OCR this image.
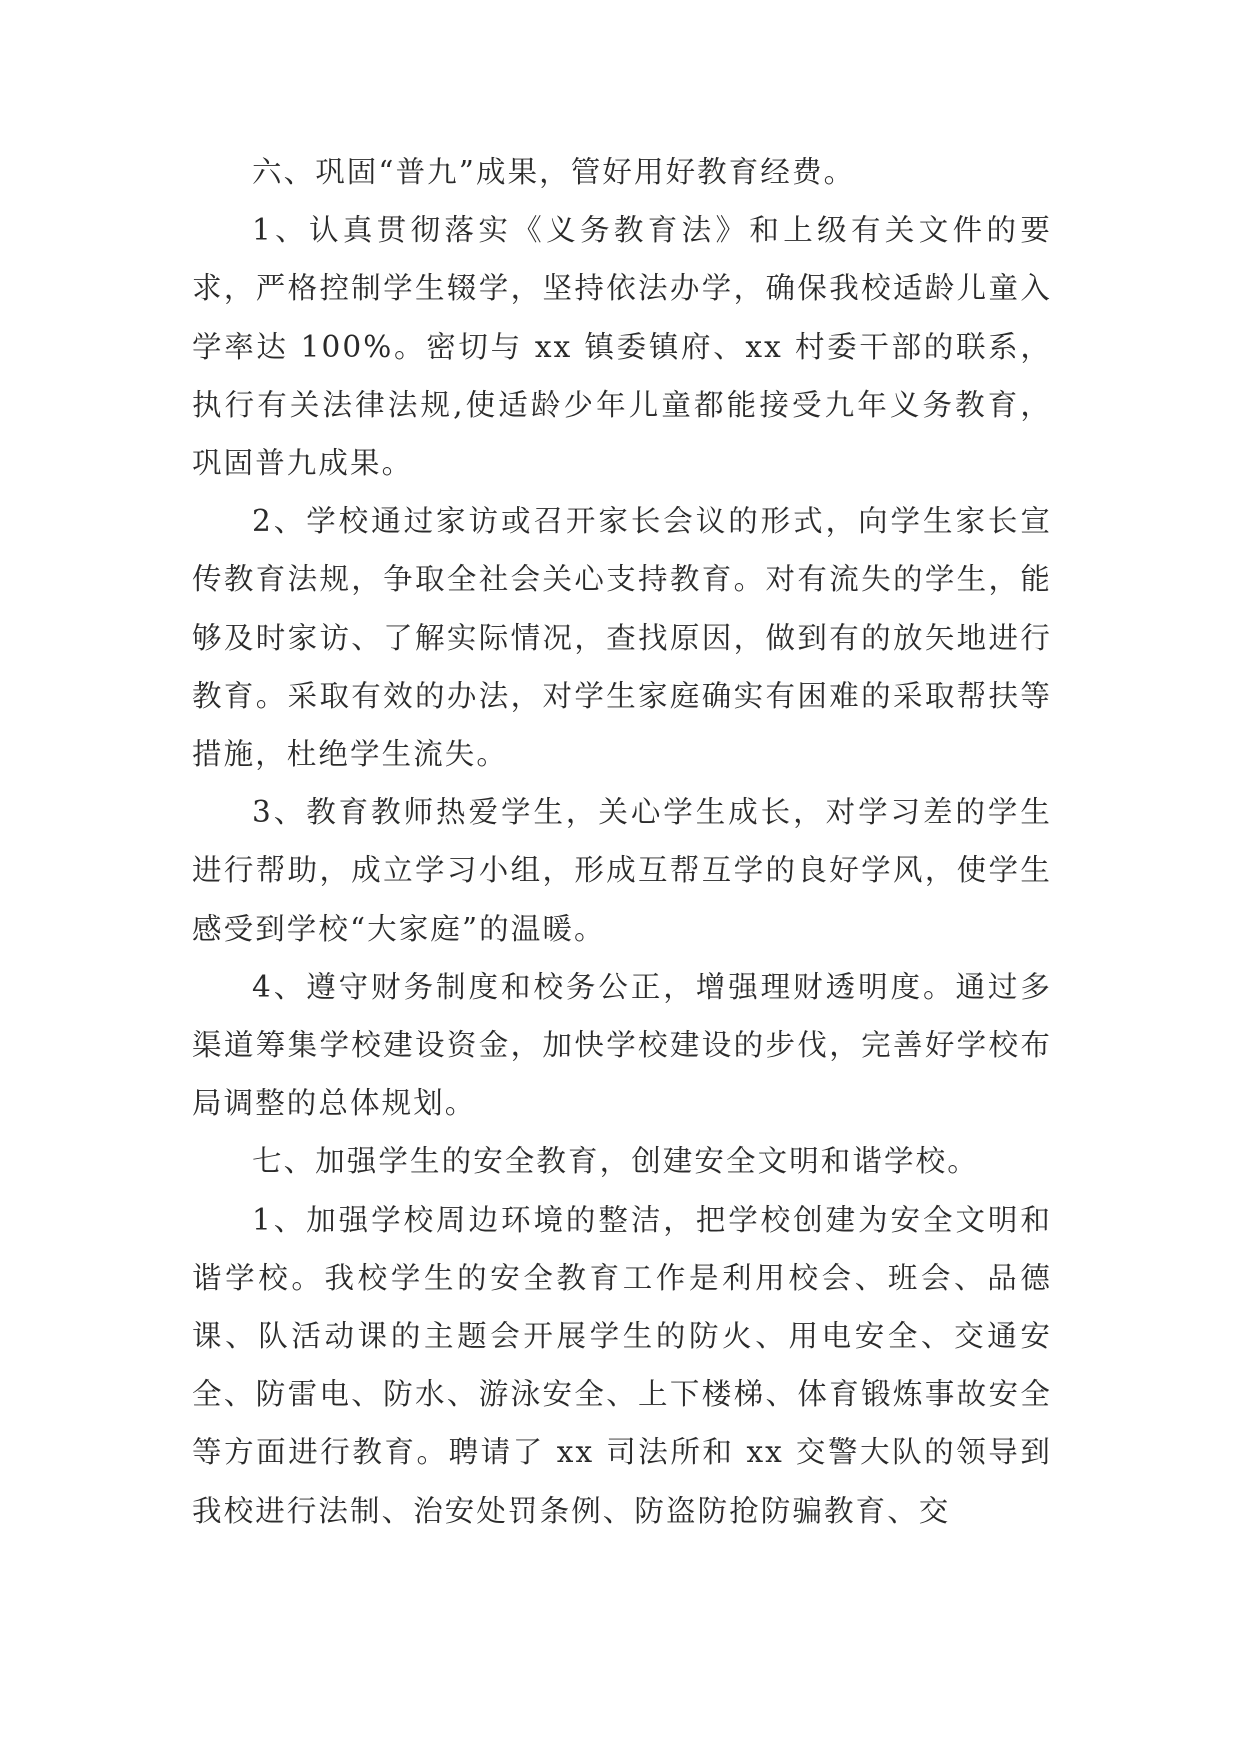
六、巩固“普九”成果，管好用好教育经费。

1、认真贯彻落实《义务教育法》和上级有关文件的要求，严格控制学生辍学，坚持依法办学，确保我校适龄儿童入学率达 100%。密切与 xx 镇委镇府、xx 村委干部的联系，执行有关法律法规,使适龄少年儿童都能接受九年义务教育，巩固普九成果。

2、学校通过家访或召开家长会议的形式，向学生家长宣传教育法规，争取全社会关心支持教育。对有流失的学生，能够及时家访、了解实际情况，查找原因，做到有的放矢地进行教育。采取有效的办法，对学生家庭确实有困难的采取帮扶等措施，杜绝学生流失。

3、教育教师热爱学生，关心学生成长，对学习差的学生进行帮助，成立学习小组，形成互帮互学的良好学风，使学生感受到学校“大家庭”的温暖。

4、遵守财务制度和校务公正，增强理财透明度。通过多渠道筹集学校建设资金，加快学校建设的步伐，完善好学校布局调整的总体规划。

七、加强学生的安全教育，创建安全文明和谐学校。

1、加强学校周边环境的整洁，把学校创建为安全文明和谐学校。我校学生的安全教育工作是利用校会、班会、品德课、队活动课的主题会开展学生的防火、用电安全、交通安全、防雷电、防水、游泳安全、上下楼梯、体育锻炼事故安全等方面进行教育。聘请了 xx 司法所和 xx 交警大队的领导到我校进行法制、治安处罚条例、防盗防抢防骗教育、交
